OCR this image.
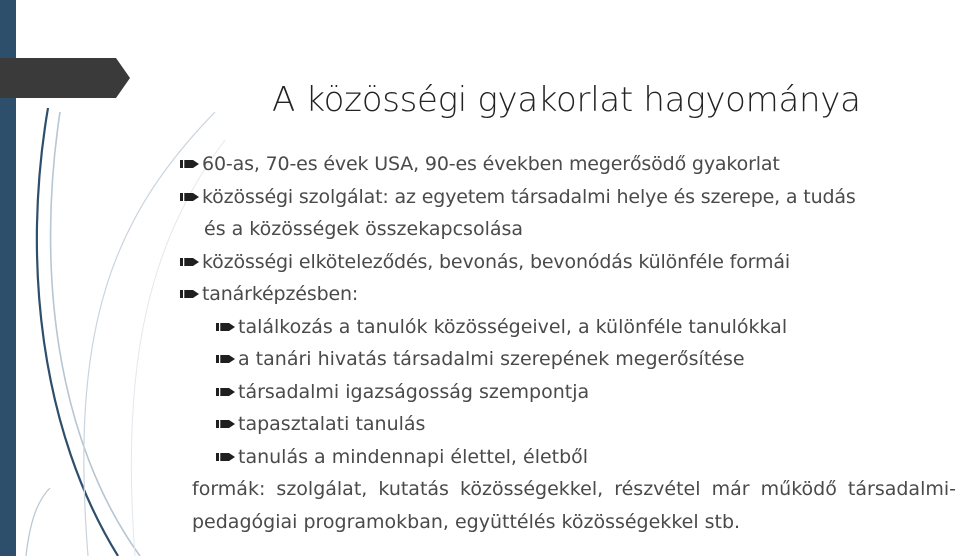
A közösségi gyakorlat hagyománya
60-as, 70-es évek USA, 90-es években megerősödő gyakorlat
közösségi szolgálat: az egyetem társadalmi helye és szerepe, a tudás
és a közösségek összekapcsolása
közösségi elköteleződés, bevonás, bevonódás különféle formái
tanárképzésben:
találkozás a tanulók közösségeivel, a különféle tanulókkal
a tanári hivatás társadalmi szerepének megerősítése
társadalmi igazságosság szempontja
tapasztalati tanulás
tanulás a mindennapi élettel, életből

formák: szolgálat, kutatás közösségekkel, részvétel már működő társadalmi-pedagógiai programokban, együttélés közösségekkel stb.
